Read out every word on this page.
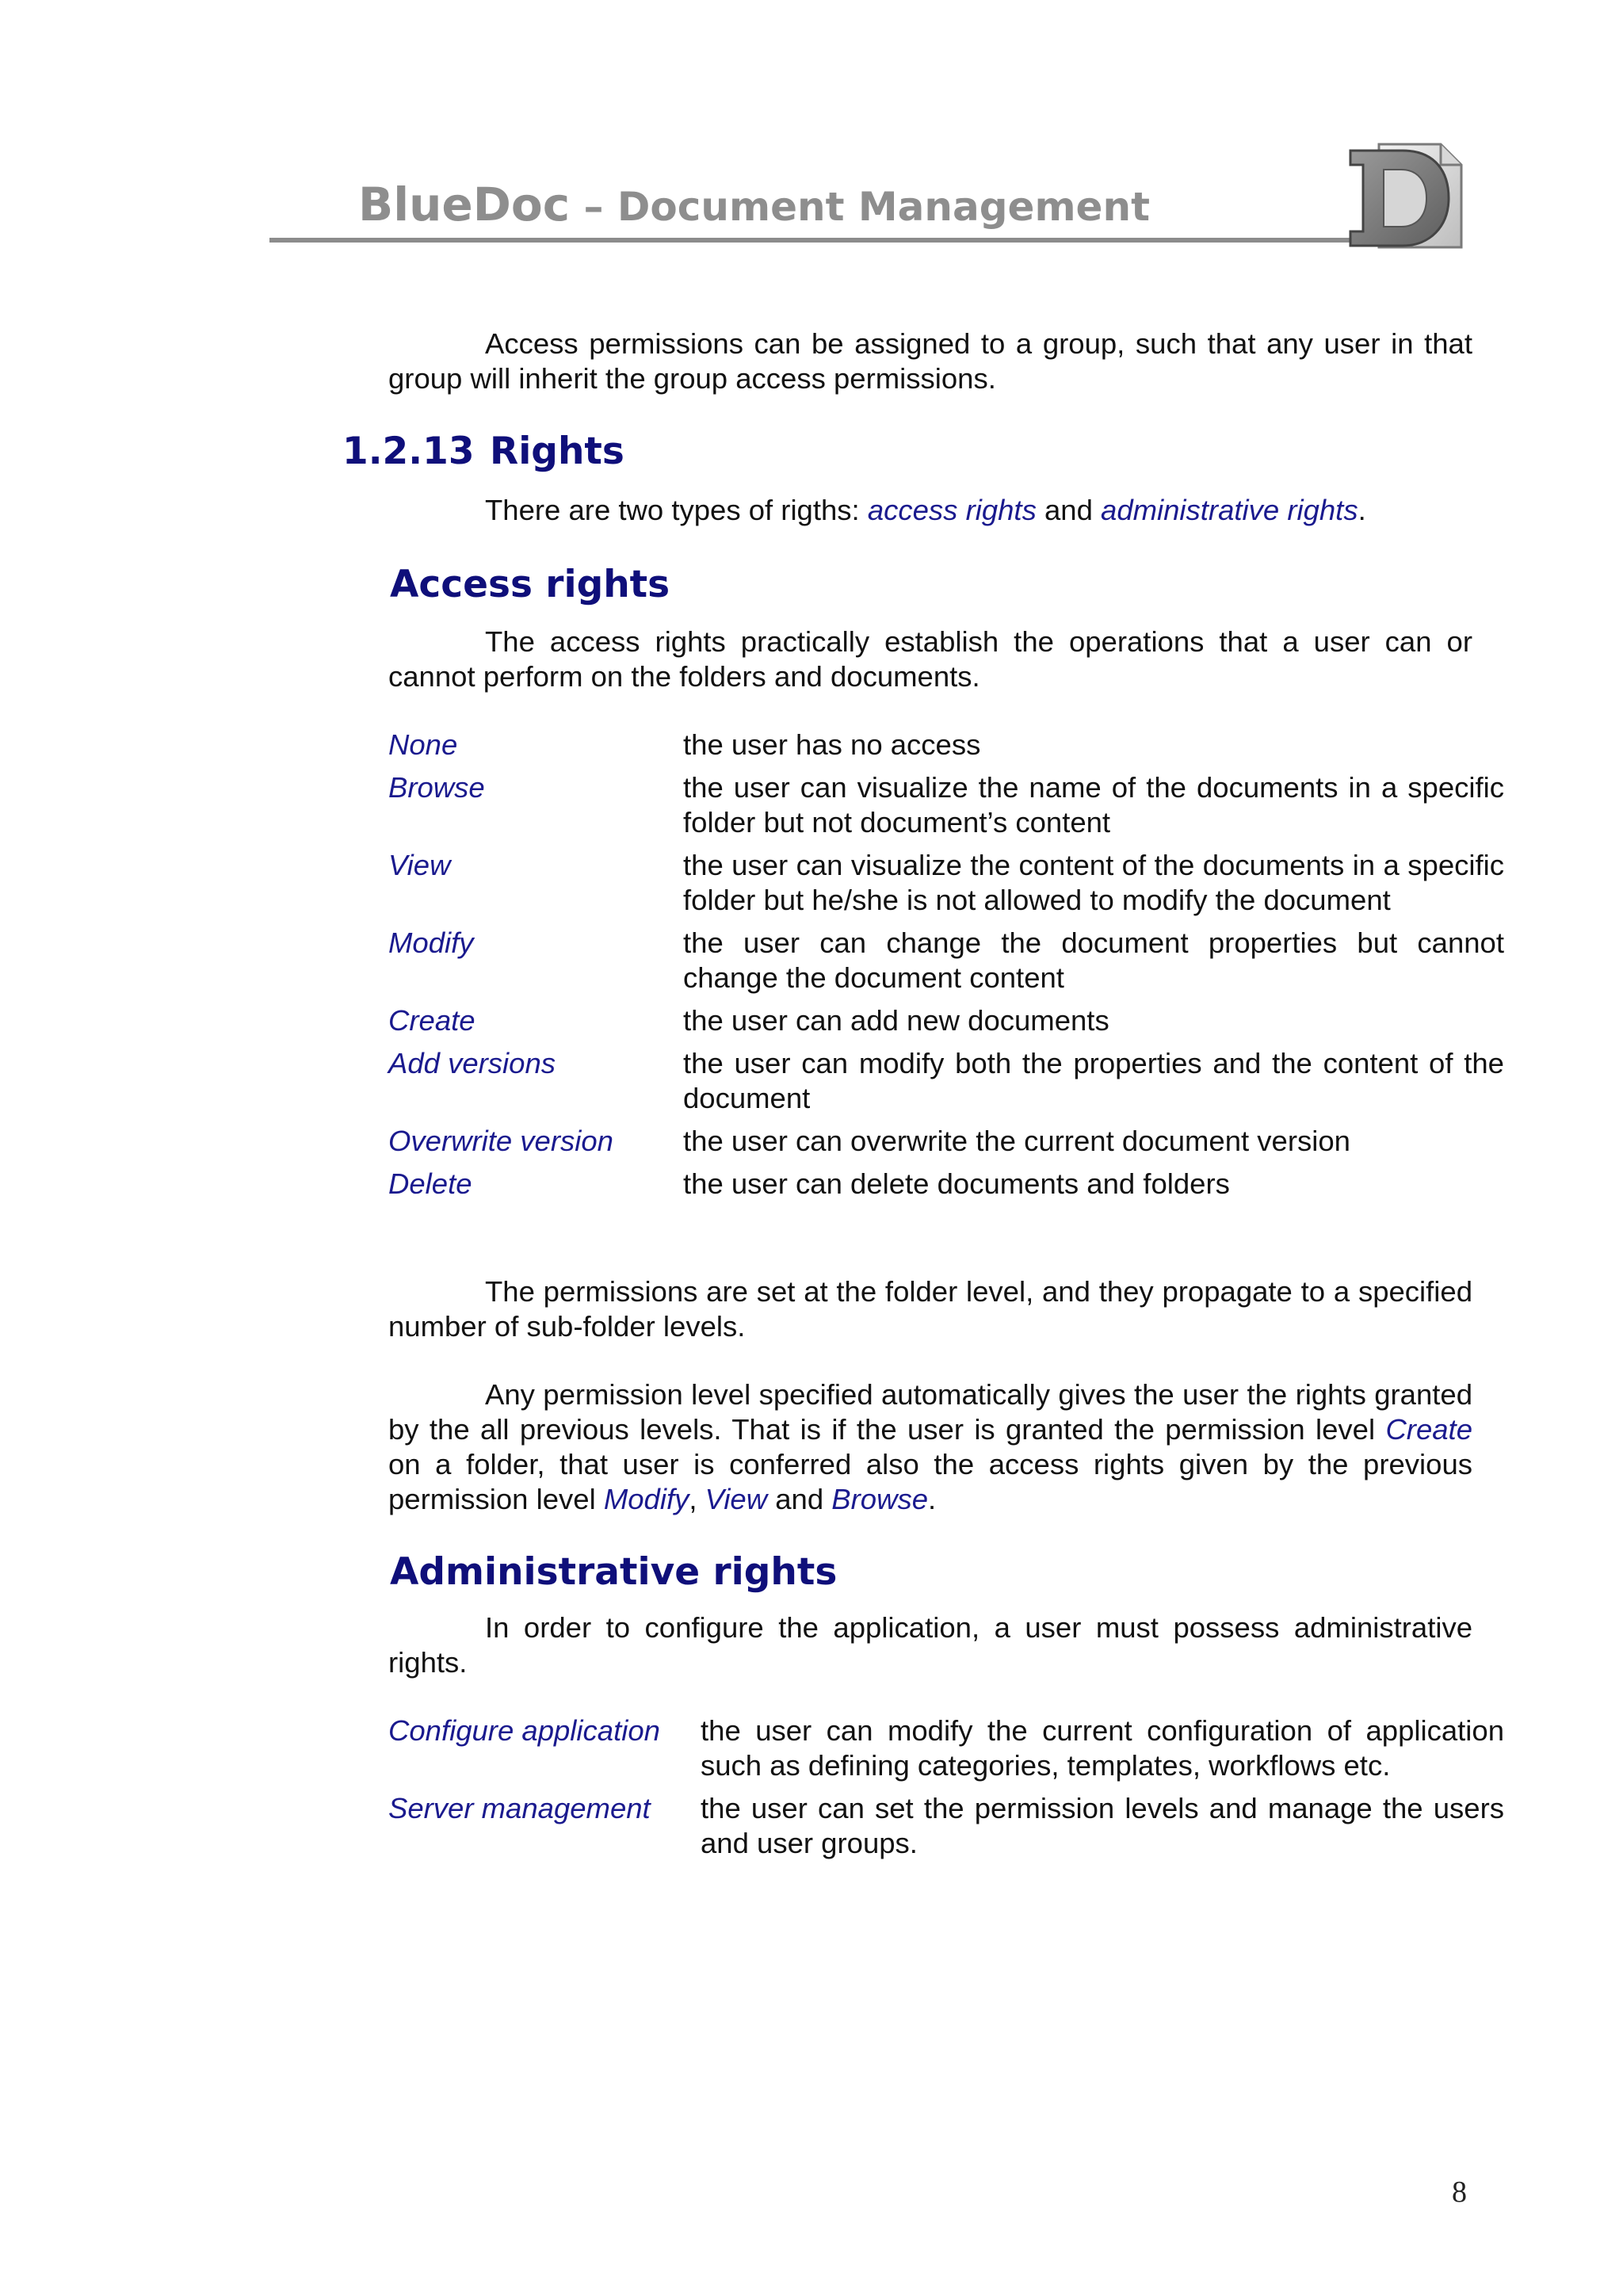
BlueDoc – Document Management

Access permissions can be assigned to a group, such that any user in that group will inherit the group access permissions.

1.2.13 Rights

There are two types of rigths: access rights and administrative rights.

Access rights

The access rights practically establish the operations that a user can or cannot perform on the folders and documents.

None	the user has no access
Browse	the user can visualize the name of the documents in a specific folder but not document’s content
View	the user can visualize the content of the documents in a specific folder but he/she is not allowed to modify the document
Modify	the user can change the document properties but cannot change the document content
Create	the user can add new documents
Add versions	the user can modify both the properties and the content of the document
Overwrite version	the user can overwrite the current document version
Delete	the user can delete documents and folders

The permissions are set at the folder level, and they propagate to a specified number of sub-folder levels.

Any permission level specified automatically gives the user the rights granted by the all previous levels. That is if the user is granted the permission level Create on a folder, that user is conferred also the access rights given by the previous permission level Modify, View and Browse.

Administrative rights

In order to configure the application, a user must possess administrative rights.

Configure application	the user can modify the current configuration of application such as defining categories, templates, workflows etc.
Server management	the user can set the permission levels and manage the users and user groups.
8
